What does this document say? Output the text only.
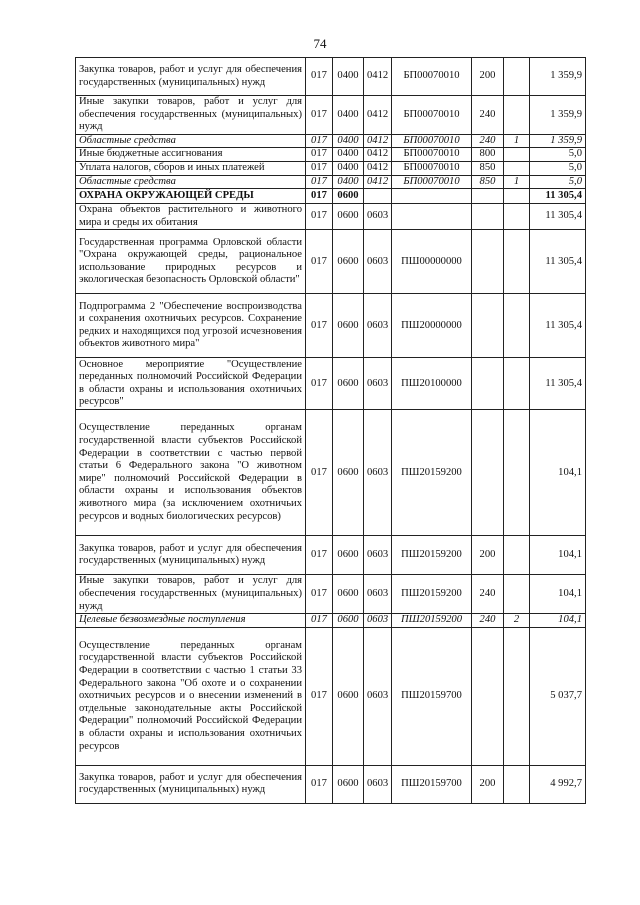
74
Закупка товаров, работ и услуг для обеспечения государственных (муниципальных) нужд	017	0400	0412	БП00070010	200		1 359,9
Иные закупки товаров, работ и услуг для обеспечения государственных (муниципальных) нужд	017	0400	0412	БП00070010	240		1 359,9
Областные средства	017	0400	0412	БП00070010	240	1	1 359,9
Иные бюджетные ассигнования	017	0400	0412	БП00070010	800		5,0
Уплата налогов, сборов и иных платежей	017	0400	0412	БП00070010	850		5,0
Областные средства	017	0400	0412	БП00070010	850	1	5,0
ОХРАНА ОКРУЖАЮЩЕЙ СРЕДЫ	017	0600					11 305,4
Охрана объектов растительного и животного мира и среды их обитания	017	0600	0603				11 305,4
Государственная программа Орловской области "Охрана окружающей среды, рациональное использование природных ресурсов и экологическая безопасность Орловской области"	017	0600	0603	ПШ00000000			11 305,4
Подпрограмма 2 "Обеспечение воспроизводства и сохранения охотничьих ресурсов. Сохранение редких и находящихся под угрозой исчезновения объектов животного мира"	017	0600	0603	ПШ20000000			11 305,4
Основное мероприятие "Осуществление переданных полномочий Российской Федерации в области охраны и использования охотничьих ресурсов"	017	0600	0603	ПШ20100000			11 305,4
Осуществление переданных органам государственной власти субъектов Российской Федерации в соответствии с частью первой статьи 6 Федерального закона "О животном мире" полномочий Российской Федерации в области охраны и использования объектов животного мира (за исключением охотничьих ресурсов и водных биологических ресурсов)	017	0600	0603	ПШ20159200			104,1
Закупка товаров, работ и услуг для обеспечения государственных (муниципальных) нужд	017	0600	0603	ПШ20159200	200		104,1
Иные закупки товаров, работ и услуг для обеспечения государственных (муниципальных) нужд	017	0600	0603	ПШ20159200	240		104,1
Целевые безвозмездные поступления	017	0600	0603	ПШ20159200	240	2	104,1
Осуществление переданных органам государственной власти субъектов Российской Федерации в соответствии с частью 1 статьи 33 Федерального закона "Об охоте и о сохранении охотничьих ресурсов и о внесении изменений в отдельные законодательные акты Российской Федерации" полномочий Российской Федерации в области охраны и использования охотничьих ресурсов	017	0600	0603	ПШ20159700			5 037,7
Закупка товаров, работ и услуг для обеспечения государственных (муниципальных) нужд	017	0600	0603	ПШ20159700	200		4 992,7
